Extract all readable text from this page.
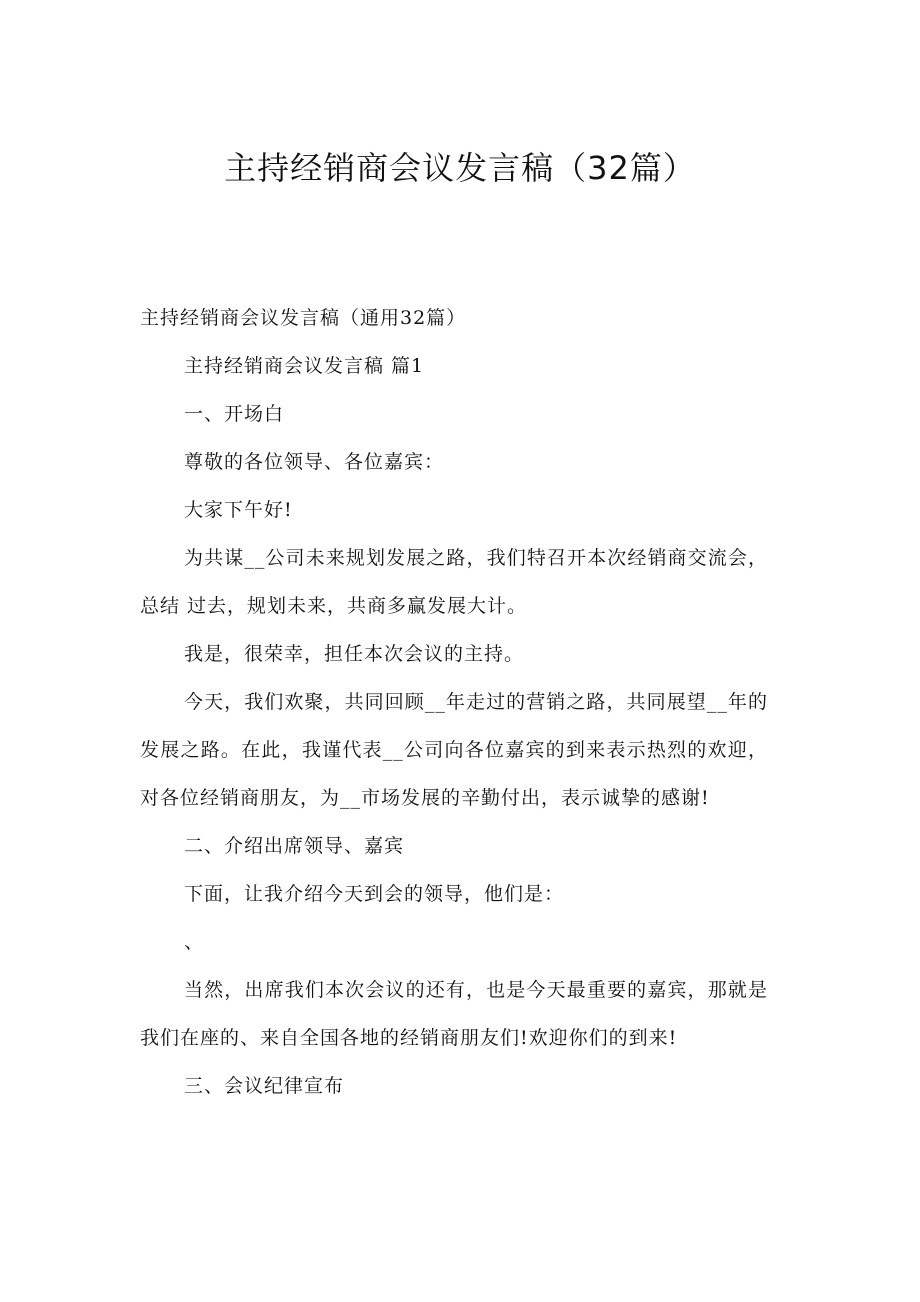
主持经销商会议发言稿（32篇）

主持经销商会议发言稿（通用32篇）

主持经销商会议发言稿 篇1

一、开场白

尊敬的各位领导、各位嘉宾：

大家下午好!

为共谋__公司未来规划发展之路，我们特召开本次经销商交流会，总结 过去，规划未来，共商多赢发展大计。

我是，很荣幸，担任本次会议的主持。

今天，我们欢聚，共同回顾__年走过的营销之路，共同展望__年的发展之路。在此，我谨代表__公司向各位嘉宾的到来表示热烈的欢迎，对各位经销商朋友，为__市场发展的辛勤付出，表示诚挚的感谢!

二、介绍出席领导、嘉宾

下面，让我介绍今天到会的领导，他们是：

、

当然，出席我们本次会议的还有，也是今天最重要的嘉宾，那就是我们在座的、来自全国各地的经销商朋友们!欢迎你们的到来!

三、会议纪律宣布
